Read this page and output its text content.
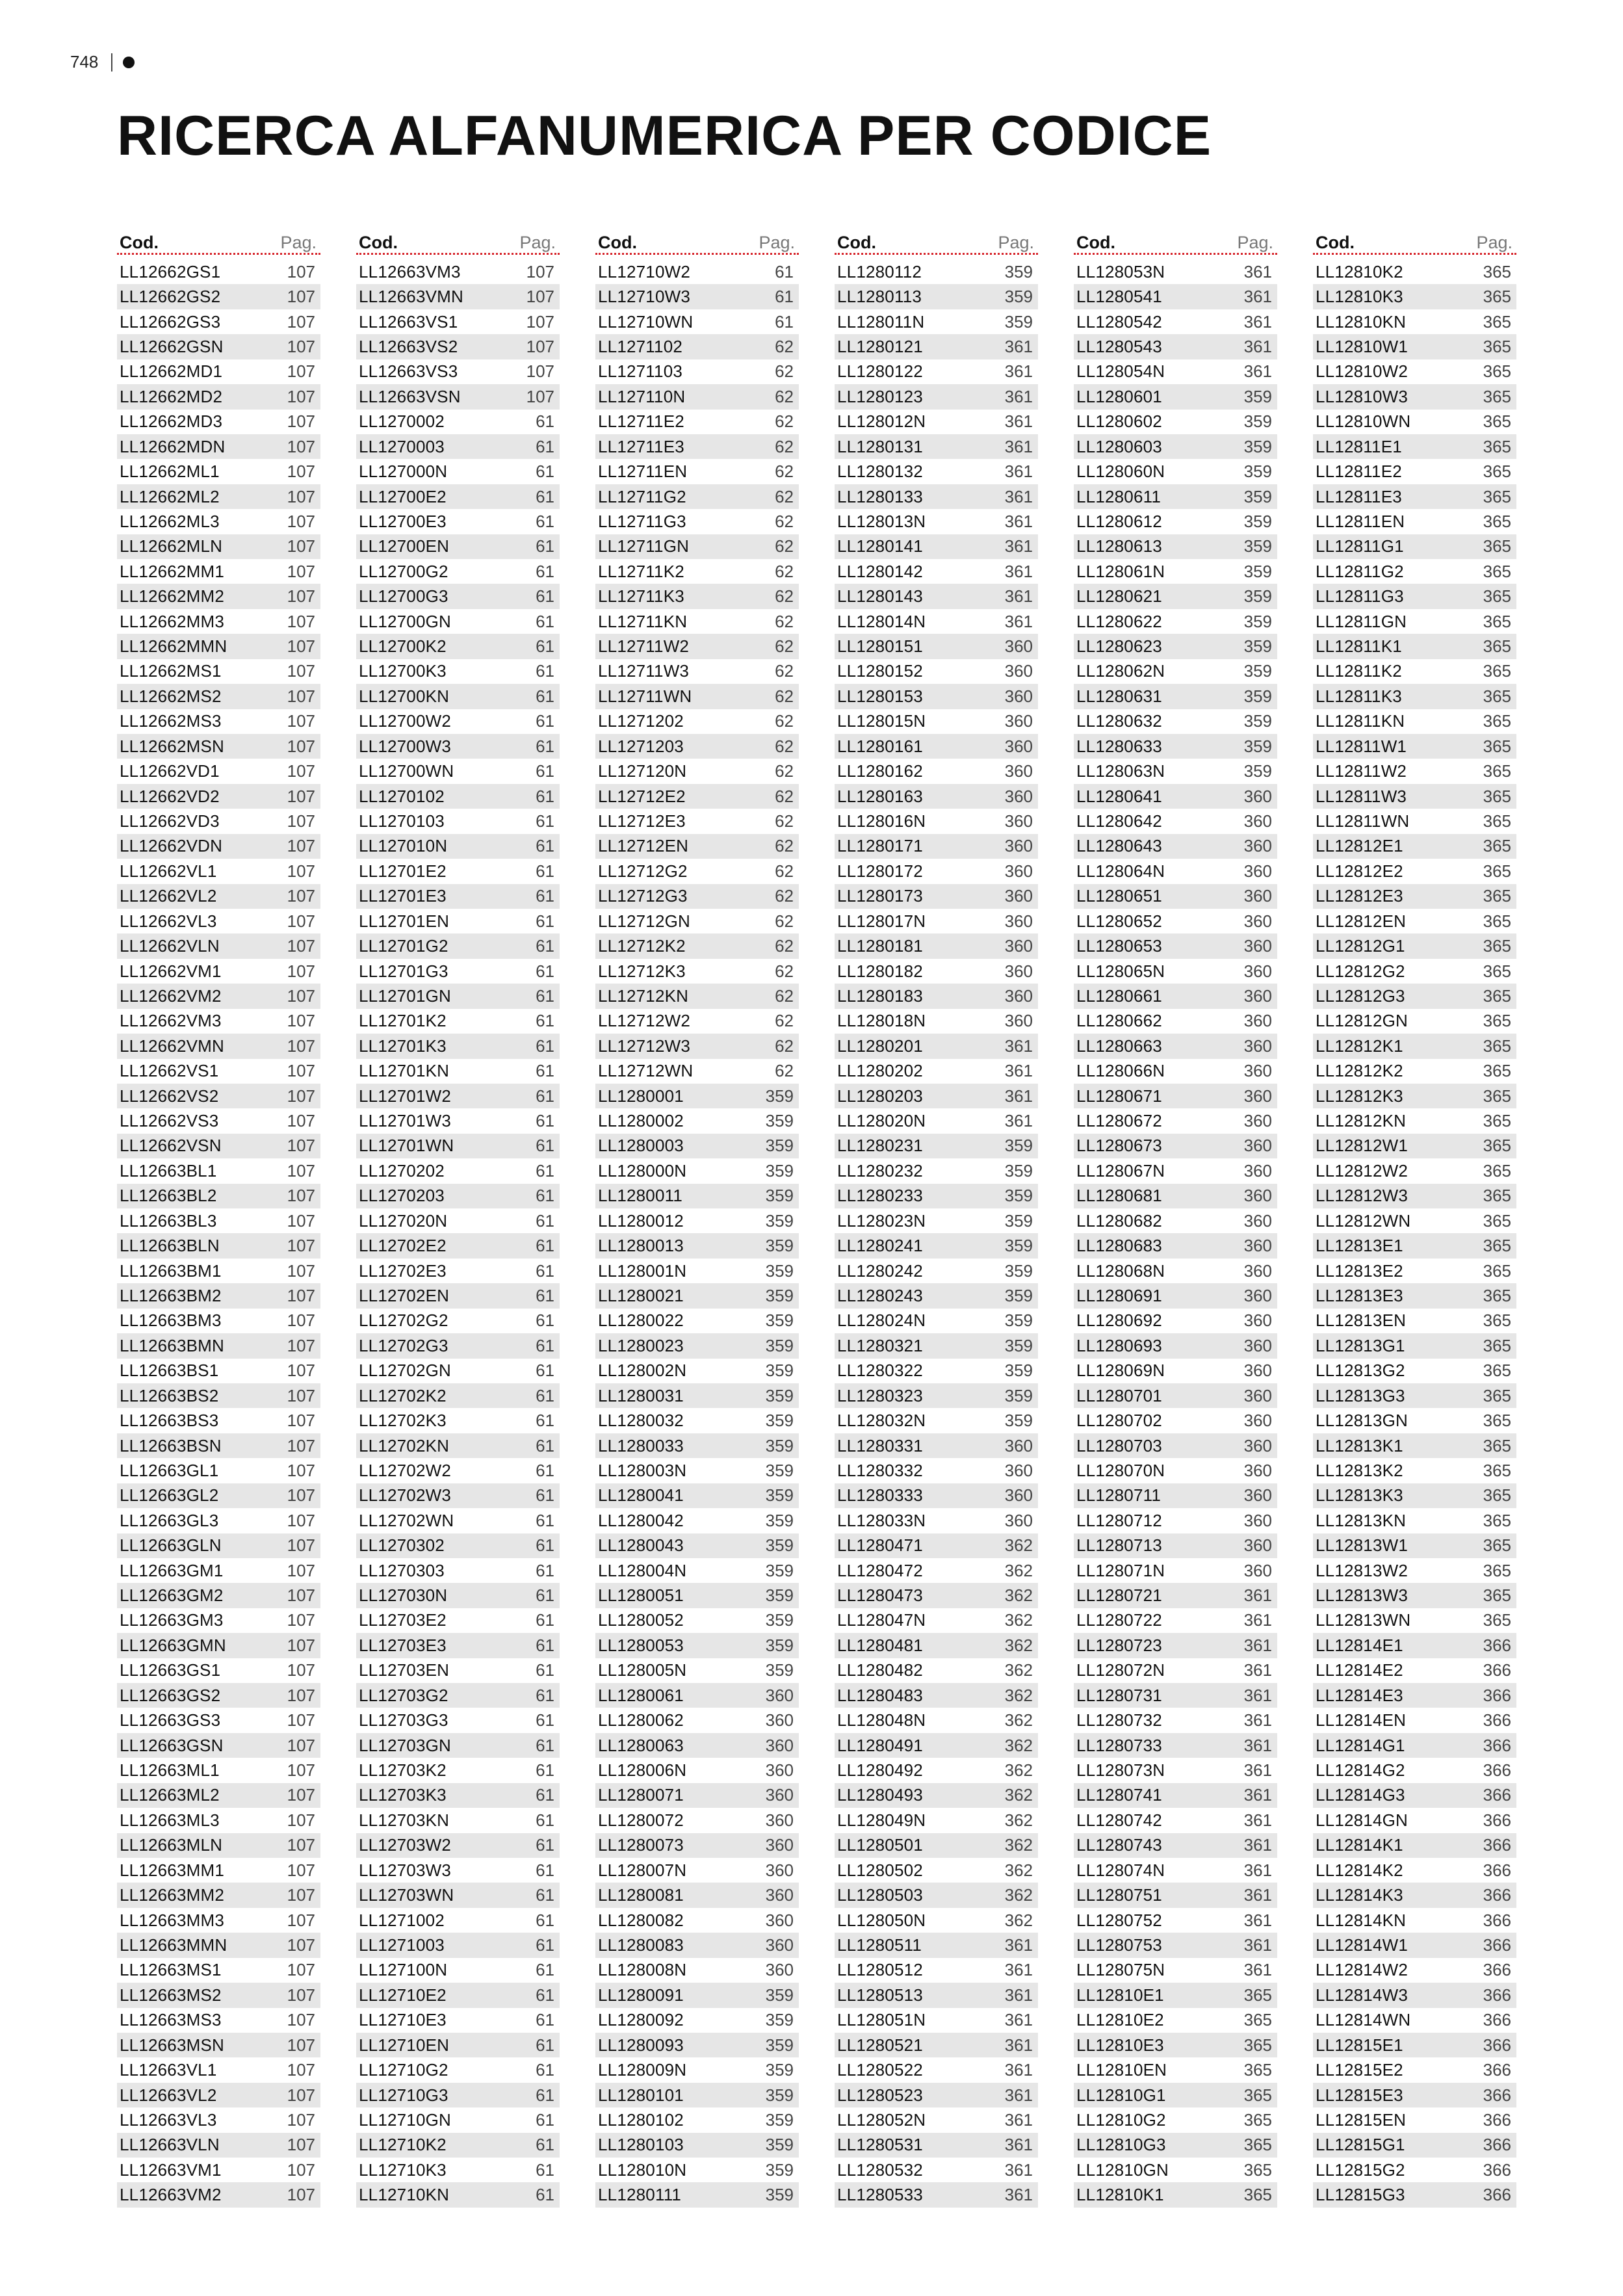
748
RICERCA ALFANUMERICA PER CODICE
Cod.	Pag.
LL12662GS1	107
LL12662GS2	107
LL12662GS3	107
LL12662GSN	107
LL12662MD1	107
LL12662MD2	107
LL12662MD3	107
LL12662MDN	107
LL12662ML1	107
LL12662ML2	107
LL12662ML3	107
LL12662MLN	107
LL12662MM1	107
LL12662MM2	107
LL12662MM3	107
LL12662MMN	107
LL12662MS1	107
LL12662MS2	107
LL12662MS3	107
LL12662MSN	107
LL12662VD1	107
LL12662VD2	107
LL12662VD3	107
LL12662VDN	107
LL12662VL1	107
LL12662VL2	107
LL12662VL3	107
LL12662VLN	107
LL12662VM1	107
LL12662VM2	107
LL12662VM3	107
LL12662VMN	107
LL12662VS1	107
LL12662VS2	107
LL12662VS3	107
LL12662VSN	107
LL12663BL1	107
LL12663BL2	107
LL12663BL3	107
LL12663BLN	107
LL12663BM1	107
LL12663BM2	107
LL12663BM3	107
LL12663BMN	107
LL12663BS1	107
LL12663BS2	107
LL12663BS3	107
LL12663BSN	107
LL12663GL1	107
LL12663GL2	107
LL12663GL3	107
LL12663GLN	107
LL12663GM1	107
LL12663GM2	107
LL12663GM3	107
LL12663GMN	107
LL12663GS1	107
LL12663GS2	107
LL12663GS3	107
LL12663GSN	107
LL12663ML1	107
LL12663ML2	107
LL12663ML3	107
LL12663MLN	107
LL12663MM1	107
LL12663MM2	107
LL12663MM3	107
LL12663MMN	107
LL12663MS1	107
LL12663MS2	107
LL12663MS3	107
LL12663MSN	107
LL12663VL1	107
LL12663VL2	107
LL12663VL3	107
LL12663VLN	107
LL12663VM1	107
LL12663VM2	107
Cod.	Pag.
LL12663VM3	107
LL12663VMN	107
LL12663VS1	107
LL12663VS2	107
LL12663VS3	107
LL12663VSN	107
LL1270002	61
LL1270003	61
LL127000N	61
LL12700E2	61
LL12700E3	61
LL12700EN	61
LL12700G2	61
LL12700G3	61
LL12700GN	61
LL12700K2	61
LL12700K3	61
LL12700KN	61
LL12700W2	61
LL12700W3	61
LL12700WN	61
LL1270102	61
LL1270103	61
LL127010N	61
LL12701E2	61
LL12701E3	61
LL12701EN	61
LL12701G2	61
LL12701G3	61
LL12701GN	61
LL12701K2	61
LL12701K3	61
LL12701KN	61
LL12701W2	61
LL12701W3	61
LL12701WN	61
LL1270202	61
LL1270203	61
LL127020N	61
LL12702E2	61
LL12702E3	61
LL12702EN	61
LL12702G2	61
LL12702G3	61
LL12702GN	61
LL12702K2	61
LL12702K3	61
LL12702KN	61
LL12702W2	61
LL12702W3	61
LL12702WN	61
LL1270302	61
LL1270303	61
LL127030N	61
LL12703E2	61
LL12703E3	61
LL12703EN	61
LL12703G2	61
LL12703G3	61
LL12703GN	61
LL12703K2	61
LL12703K3	61
LL12703KN	61
LL12703W2	61
LL12703W3	61
LL12703WN	61
LL1271002	61
LL1271003	61
LL127100N	61
LL12710E2	61
LL12710E3	61
LL12710EN	61
LL12710G2	61
LL12710G3	61
LL12710GN	61
LL12710K2	61
LL12710K3	61
LL12710KN	61
Cod.	Pag.
LL12710W2	61
LL12710W3	61
LL12710WN	61
LL1271102	62
LL1271103	62
LL127110N	62
LL12711E2	62
LL12711E3	62
LL12711EN	62
LL12711G2	62
LL12711G3	62
LL12711GN	62
LL12711K2	62
LL12711K3	62
LL12711KN	62
LL12711W2	62
LL12711W3	62
LL12711WN	62
LL1271202	62
LL1271203	62
LL127120N	62
LL12712E2	62
LL12712E3	62
LL12712EN	62
LL12712G2	62
LL12712G3	62
LL12712GN	62
LL12712K2	62
LL12712K3	62
LL12712KN	62
LL12712W2	62
LL12712W3	62
LL12712WN	62
LL1280001	359
LL1280002	359
LL1280003	359
LL128000N	359
LL1280011	359
LL1280012	359
LL1280013	359
LL128001N	359
LL1280021	359
LL1280022	359
LL1280023	359
LL128002N	359
LL1280031	359
LL1280032	359
LL1280033	359
LL128003N	359
LL1280041	359
LL1280042	359
LL1280043	359
LL128004N	359
LL1280051	359
LL1280052	359
LL1280053	359
LL128005N	359
LL1280061	360
LL1280062	360
LL1280063	360
LL128006N	360
LL1280071	360
LL1280072	360
LL1280073	360
LL128007N	360
LL1280081	360
LL1280082	360
LL1280083	360
LL128008N	360
LL1280091	359
LL1280092	359
LL1280093	359
LL128009N	359
LL1280101	359
LL1280102	359
LL1280103	359
LL128010N	359
LL1280111	359
Cod.	Pag.
LL1280112	359
LL1280113	359
LL128011N	359
LL1280121	361
LL1280122	361
LL1280123	361
LL128012N	361
LL1280131	361
LL1280132	361
LL1280133	361
LL128013N	361
LL1280141	361
LL1280142	361
LL1280143	361
LL128014N	361
LL1280151	360
LL1280152	360
LL1280153	360
LL128015N	360
LL1280161	360
LL1280162	360
LL1280163	360
LL128016N	360
LL1280171	360
LL1280172	360
LL1280173	360
LL128017N	360
LL1280181	360
LL1280182	360
LL1280183	360
LL128018N	360
LL1280201	361
LL1280202	361
LL1280203	361
LL128020N	361
LL1280231	359
LL1280232	359
LL1280233	359
LL128023N	359
LL1280241	359
LL1280242	359
LL1280243	359
LL128024N	359
LL1280321	359
LL1280322	359
LL1280323	359
LL128032N	359
LL1280331	360
LL1280332	360
LL1280333	360
LL128033N	360
LL1280471	362
LL1280472	362
LL1280473	362
LL128047N	362
LL1280481	362
LL1280482	362
LL1280483	362
LL128048N	362
LL1280491	362
LL1280492	362
LL1280493	362
LL128049N	362
LL1280501	362
LL1280502	362
LL1280503	362
LL128050N	362
LL1280511	361
LL1280512	361
LL1280513	361
LL128051N	361
LL1280521	361
LL1280522	361
LL1280523	361
LL128052N	361
LL1280531	361
LL1280532	361
LL1280533	361
Cod.	Pag.
LL128053N	361
LL1280541	361
LL1280542	361
LL1280543	361
LL128054N	361
LL1280601	359
LL1280602	359
LL1280603	359
LL128060N	359
LL1280611	359
LL1280612	359
LL1280613	359
LL128061N	359
LL1280621	359
LL1280622	359
LL1280623	359
LL128062N	359
LL1280631	359
LL1280632	359
LL1280633	359
LL128063N	359
LL1280641	360
LL1280642	360
LL1280643	360
LL128064N	360
LL1280651	360
LL1280652	360
LL1280653	360
LL128065N	360
LL1280661	360
LL1280662	360
LL1280663	360
LL128066N	360
LL1280671	360
LL1280672	360
LL1280673	360
LL128067N	360
LL1280681	360
LL1280682	360
LL1280683	360
LL128068N	360
LL1280691	360
LL1280692	360
LL1280693	360
LL128069N	360
LL1280701	360
LL1280702	360
LL1280703	360
LL128070N	360
LL1280711	360
LL1280712	360
LL1280713	360
LL128071N	360
LL1280721	361
LL1280722	361
LL1280723	361
LL128072N	361
LL1280731	361
LL1280732	361
LL1280733	361
LL128073N	361
LL1280741	361
LL1280742	361
LL1280743	361
LL128074N	361
LL1280751	361
LL1280752	361
LL1280753	361
LL128075N	361
LL12810E1	365
LL12810E2	365
LL12810E3	365
LL12810EN	365
LL12810G1	365
LL12810G2	365
LL12810G3	365
LL12810GN	365
LL12810K1	365
Cod.	Pag.
LL12810K2	365
LL12810K3	365
LL12810KN	365
LL12810W1	365
LL12810W2	365
LL12810W3	365
LL12810WN	365
LL12811E1	365
LL12811E2	365
LL12811E3	365
LL12811EN	365
LL12811G1	365
LL12811G2	365
LL12811G3	365
LL12811GN	365
LL12811K1	365
LL12811K2	365
LL12811K3	365
LL12811KN	365
LL12811W1	365
LL12811W2	365
LL12811W3	365
LL12811WN	365
LL12812E1	365
LL12812E2	365
LL12812E3	365
LL12812EN	365
LL12812G1	365
LL12812G2	365
LL12812G3	365
LL12812GN	365
LL12812K1	365
LL12812K2	365
LL12812K3	365
LL12812KN	365
LL12812W1	365
LL12812W2	365
LL12812W3	365
LL12812WN	365
LL12813E1	365
LL12813E2	365
LL12813E3	365
LL12813EN	365
LL12813G1	365
LL12813G2	365
LL12813G3	365
LL12813GN	365
LL12813K1	365
LL12813K2	365
LL12813K3	365
LL12813KN	365
LL12813W1	365
LL12813W2	365
LL12813W3	365
LL12813WN	365
LL12814E1	366
LL12814E2	366
LL12814E3	366
LL12814EN	366
LL12814G1	366
LL12814G2	366
LL12814G3	366
LL12814GN	366
LL12814K1	366
LL12814K2	366
LL12814K3	366
LL12814KN	366
LL12814W1	366
LL12814W2	366
LL12814W3	366
LL12814WN	366
LL12815E1	366
LL12815E2	366
LL12815E3	366
LL12815EN	366
LL12815G1	366
LL12815G2	366
LL12815G3	366
